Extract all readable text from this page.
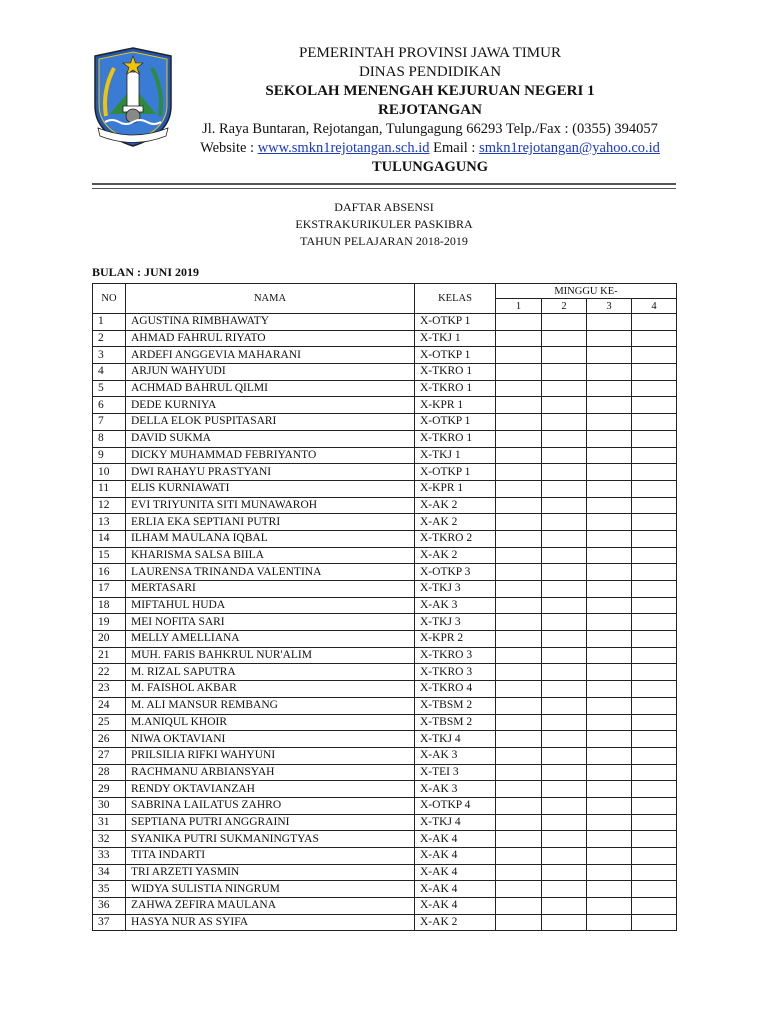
PEMERINTAH PROVINSI JAWA TIMUR
DINAS PENDIDIKAN
SEKOLAH MENENGAH KEJURUAN NEGERI 1
REJOTANGAN
Jl. Raya Buntaran, Rejotangan, Tulungagung 66293 Telp./Fax : (0355) 394057
Website : www.smkn1rejotangan.sch.id Email : smkn1rejotangan@yahoo.co.id
TULUNGAGUNG
DAFTAR ABSENSI
EKSTRAKURIKULER PASKIBRA
TAHUN PELAJARAN 2018-2019
BULAN : JUNI 2019
NO	NAMA	KELAS	MINGGU KE-			
			1	2	3	4
1	AGUSTINA RIMBHAWATY	X-OTKP 1				
2	AHMAD FAHRUL RIYATO	X-TKJ 1				
3	ARDEFI ANGGEVIA MAHARANI	X-OTKP 1				
4	ARJUN WAHYUDI	X-TKRO 1				
5	ACHMAD BAHRUL QILMI	X-TKRO 1				
6	DEDE KURNIYA	X-KPR 1				
7	DELLA ELOK PUSPITASARI	X-OTKP 1				
8	DAVID SUKMA	X-TKRO 1				
9	DICKY MUHAMMAD FEBRIYANTO	X-TKJ 1				
10	DWI RAHAYU PRASTYANI	X-OTKP 1				
11	ELIS KURNIAWATI	X-KPR 1				
12	EVI TRIYUNITA SITI MUNAWAROH	X-AK 2				
13	ERLIA EKA SEPTIANI PUTRI	X-AK 2				
14	ILHAM MAULANA IQBAL	X-TKRO 2				
15	KHARISMA SALSA BIILA	X-AK 2				
16	LAURENSA TRINANDA VALENTINA	X-OTKP 3				
17	MERTASARI	X-TKJ 3				
18	MIFTAHUL HUDA	X-AK 3				
19	MEI NOFITA SARI	X-TKJ 3				
20	MELLY AMELLIANA	X-KPR 2				
21	MUH. FARIS BAHKRUL NUR'ALIM	X-TKRO 3				
22	M. RIZAL SAPUTRA	X-TKRO 3				
23	M. FAISHOL AKBAR	X-TKRO 4				
24	M. ALI MANSUR REMBANG	X-TBSM 2				
25	M.ANIQUL KHOIR	X-TBSM 2				
26	NIWA OKTAVIANI	X-TKJ 4				
27	PRILSILIA RIFKI WAHYUNI	X-AK 3				
28	RACHMANU ARBIANSYAH	X-TEI 3				
29	RENDY OKTAVIANZAH	X-AK 3				
30	SABRINA LAILATUS ZAHRO	X-OTKP 4				
31	SEPTIANA PUTRI ANGGRAINI	X-TKJ 4				
32	SYANIKA PUTRI SUKMANINGTYAS	X-AK 4				
33	TITA INDARTI	X-AK 4				
34	TRI ARZETI YASMIN	X-AK 4				
35	WIDYA SULISTIA NINGRUM	X-AK 4				
36	ZAHWA ZEFIRA MAULANA	X-AK 4				
37	HASYA NUR AS SYIFA	X-AK 2				
